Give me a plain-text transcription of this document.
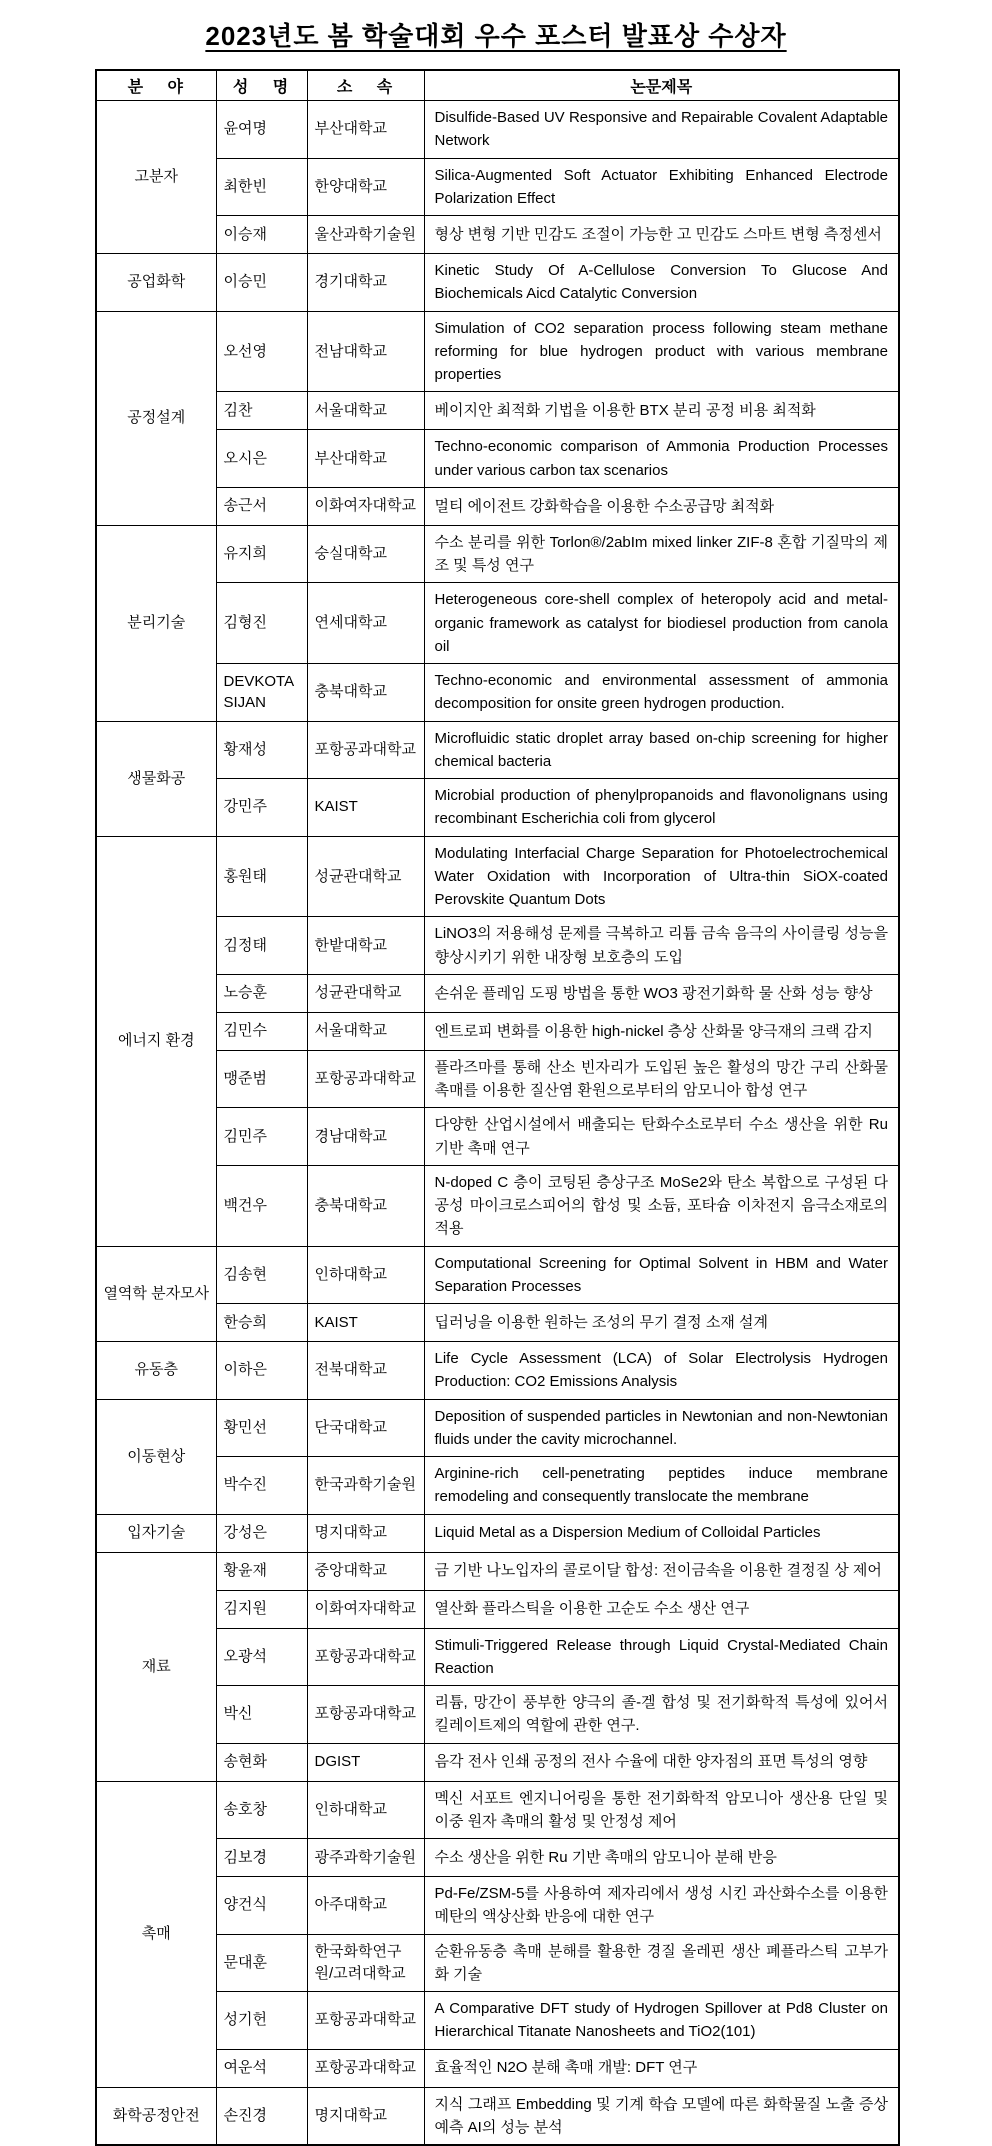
2023년도 봄 학술대회 우수 포스터 발표상 수상자
분 야	성 명	소 속	논문제목
고분자	윤여명	부산대학교	Disulfide-Based UV Responsive and Repairable Covalent Adaptable Network
	최한빈	한양대학교	Silica-Augmented Soft Actuator Exhibiting Enhanced Electrode Polarization Effect
	이승재	울산과학기술원	형상 변형 기반 민감도 조절이 가능한 고 민감도 스마트 변형 측정센서
공업화학	이승민	경기대학교	Kinetic Study Of A-Cellulose Conversion To Glucose And Biochemicals Aicd Catalytic Conversion
공정설계	오선영	전남대학교	Simulation of CO2 separation process following steam methane reforming for blue hydrogen product with various membrane properties
	김찬	서울대학교	베이지안 최적화 기법을 이용한 BTX 분리 공정 비용 최적화
	오시은	부산대학교	Techno-economic comparison of Ammonia Production Processes under various carbon tax scenarios
	송근서	이화여자대학교	멀티 에이전트 강화학습을 이용한 수소공급망 최적화
분리기술	유지희	숭실대학교	수소 분리를 위한 Torlon®/2abIm mixed linker ZIF-8 혼합 기질막의 제조 및 특성 연구
	김형진	연세대학교	Heterogeneous core-shell complex of heteropoly acid and metal-organic framework as catalyst for biodiesel production from canola oil
	DEVKOTA SIJAN	충북대학교	Techno-economic and environmental assessment of ammonia decomposition for onsite green hydrogen production.
생물화공	황재성	포항공과대학교	Microfluidic static droplet array based on-chip screening for higher chemical bacteria
	강민주	KAIST	Microbial production of phenylpropanoids and flavonolignans using recombinant Escherichia coli from glycerol
에너지 환경	홍원태	성균관대학교	Modulating Interfacial Charge Separation for Photoelectrochemical Water Oxidation with Incorporation of Ultra-thin SiOX-coated Perovskite Quantum Dots
	김정태	한밭대학교	LiNO3의 저용해성 문제를 극복하고 리튬 금속 음극의 사이클링 성능을 향상시키기 위한 내장형 보호층의 도입
	노승훈	성균관대학교	손쉬운 플레임 도핑 방법을 통한 WO3 광전기화학 물 산화 성능 향상
	김민수	서울대학교	엔트로피 변화를 이용한 high-nickel 층상 산화물 양극재의 크랙 감지
	맹준범	포항공과대학교	플라즈마를 통해 산소 빈자리가 도입된 높은 활성의 망간 구리 산화물 촉매를 이용한 질산염 환원으로부터의 암모니아 합성 연구
	김민주	경남대학교	다양한 산업시설에서 배출되는 탄화수소로부터 수소 생산을 위한 Ru 기반 촉매 연구
	백건우	충북대학교	N-doped C 층이 코팅된 층상구조 MoSe2와 탄소 복합으로 구성된 다공성 마이크로스피어의 합성 및 소듐, 포타슘 이차전지 음극소재로의 적용
열역학 분자모사	김송현	인하대학교	Computational Screening for Optimal Solvent in HBM and Water Separation Processes
	한승희	KAIST	딥러닝을 이용한 원하는 조성의 무기 결정 소재 설계
유동층	이하은	전북대학교	Life Cycle Assessment (LCA) of Solar Electrolysis Hydrogen Production: CO2 Emissions Analysis
이동현상	황민선	단국대학교	Deposition of suspended particles in Newtonian and non-Newtonian fluids under the cavity microchannel.
	박수진	한국과학기술원	Arginine-rich cell-penetrating peptides induce membrane remodeling and consequently translocate the membrane
입자기술	강성은	명지대학교	Liquid Metal as a Dispersion Medium of Colloidal Particles
재료	황윤재	중앙대학교	금 기반 나노입자의 콜로이달 합성: 전이금속을 이용한 결정질 상 제어
	김지원	이화여자대학교	열산화 플라스틱을 이용한 고순도 수소 생산 연구
	오광석	포항공과대학교	Stimuli-Triggered Release through Liquid Crystal-Mediated Chain Reaction
	박신	포항공과대학교	리튬, 망간이 풍부한 양극의 졸-겔 합성 및 전기화학적 특성에 있어서 킬레이트제의 역할에 관한 연구.
	송현화	DGIST	음각 전사 인쇄 공정의 전사 수율에 대한 양자점의 표면 특성의 영향
촉매	송호창	인하대학교	멕신 서포트 엔지니어링을 통한 전기화학적 암모니아 생산용 단일 및 이중 원자 촉매의 활성 및 안정성 제어
	김보경	광주과학기술원	수소 생산을 위한 Ru 기반 촉매의 암모니아 분해 반응
	양건식	아주대학교	Pd-Fe/ZSM-5를 사용하여 제자리에서 생성 시킨 과산화수소를 이용한 메탄의 액상산화 반응에 대한 연구
	문대훈	한국화학연구원/고려대학교	순환유동층 촉매 분해를 활용한 경질 올레핀 생산 폐플라스틱 고부가화 기술
	성기헌	포항공과대학교	A Comparative DFT study of Hydrogen Spillover at Pd8 Cluster on Hierarchical Titanate Nanosheets and TiO2(101)
	여운석	포항공과대학교	효율적인 N2O 분해 촉매 개발: DFT 연구
화학공정안전	손진경	명지대학교	지식 그래프 Embedding 및 기계 학습 모델에 따른 화학물질 노출 증상 예측 AI의 성능 분석
